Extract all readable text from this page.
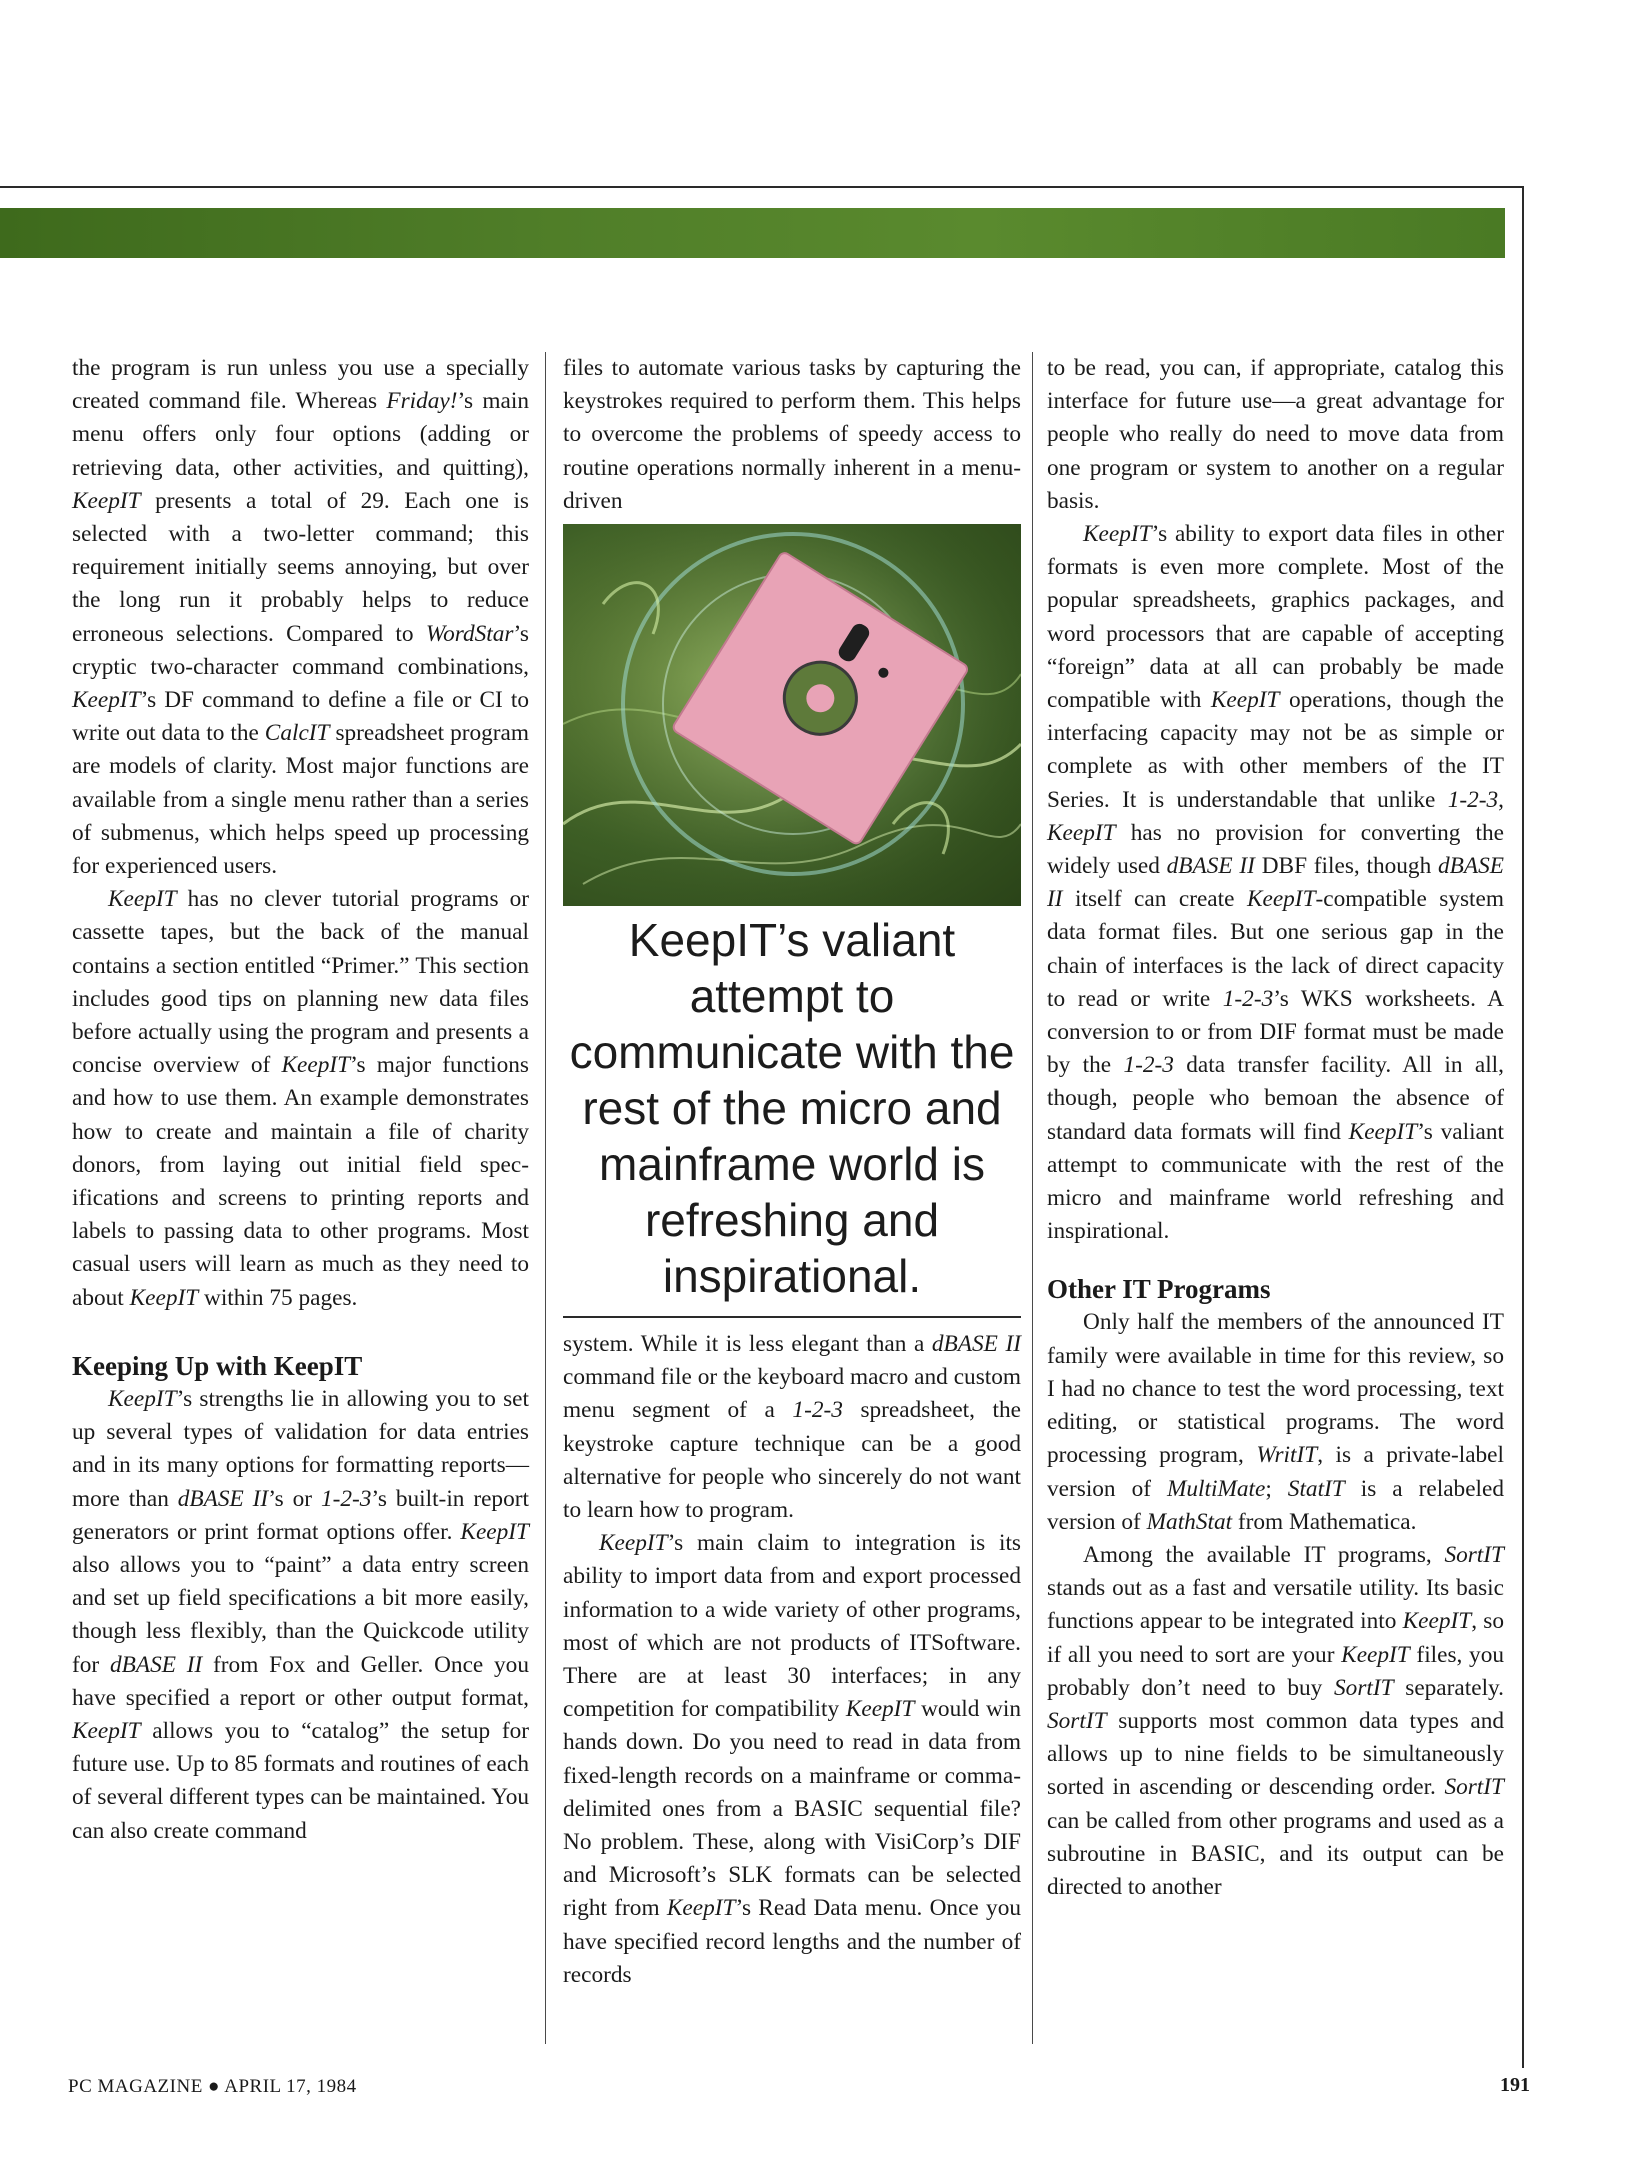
the program is run unless you use a specially created command file. Whereas Friday!’s main menu offers only four options (adding or retrieving data, other activities, and quitting), KeepIT presents a total of 29. Each one is selected with a two-letter command; this requirement initially seems annoying, but over the long run it probably helps to reduce erroneous selections. Compared to WordStar’s cryptic two-character command combinations, KeepIT’s DF command to define a file or CI to write out data to the CalcIT spreadsheet program are models of clarity. Most major functions are available from a single menu rather than a series of submenus, which helps speed up processing for experienced users.

KeepIT has no clever tutorial programs or cassette tapes, but the back of the manual contains a section entitled “Primer.” This section includes good tips on planning new data files before actually using the program and presents a concise overview of KeepIT’s major functions and how to use them. An example demonstrates how to create and maintain a file of charity donors, from laying out initial field specifications and screens to printing reports and labels to passing data to other programs. Most casual users will learn as much as they need to about KeepIT within 75 pages.

Keeping Up with KeepIT

KeepIT’s strengths lie in allowing you to set up several types of validation for data entries and in its many options for formatting reports—more than dBASE II’s or 1-2-3’s built-in report generators or print format options offer. KeepIT also allows you to “paint” a data entry screen and set up field specifications a bit more easily, though less flexibly, than the Quickcode utility for dBASE II from Fox and Geller. Once you have specified a report or other output format, KeepIT allows you to “catalog” the setup for future use. Up to 85 formats and routines of each of several different types can be maintained. You can also create command

files to automate various tasks by capturing the keystrokes required to perform them. This helps to overcome the problems of speedy access to routine operations normally inherent in a menu-driven

KeepIT’s valiant attempt to communicate with the rest of the micro and mainframe world is refreshing and inspirational.

system. While it is less elegant than a dBASE II command file or the keyboard macro and custom menu segment of a 1-2-3 spreadsheet, the keystroke capture technique can be a good alternative for people who sincerely do not want to learn how to program.

KeepIT’s main claim to integration is its ability to import data from and export processed information to a wide variety of other programs, most of which are not products of ITSoftware. There are at least 30 interfaces; in any competition for compatibility KeepIT would win hands down. Do you need to read in data from fixed-length records on a mainframe or comma-delimited ones from a BASIC sequential file? No problem. These, along with VisiCorp’s DIF and Microsoft’s SLK formats can be selected right from KeepIT’s Read Data menu. Once you have specified record lengths and the number of records

to be read, you can, if appropriate, catalog this interface for future use—a great advantage for people who really do need to move data from one program or system to another on a regular basis.

KeepIT’s ability to export data files in other formats is even more complete. Most of the popular spreadsheets, graphics packages, and word processors that are capable of accepting “foreign” data at all can probably be made compatible with KeepIT operations, though the interfacing capacity may not be as simple or complete as with other members of the IT Series. It is understandable that unlike 1-2-3, KeepIT has no provision for converting the widely used dBASE II DBF files, though dBASE II itself can create KeepIT-compatible system data format files. But one serious gap in the chain of interfaces is the lack of direct capacity to read or write 1-2-3’s WKS worksheets. A conversion to or from DIF format must be made by the 1-2-3 data transfer facility. All in all, though, people who bemoan the absence of standard data formats will find KeepIT’s valiant attempt to communicate with the rest of the micro and mainframe world refreshing and inspirational.

Other IT Programs

Only half the members of the announced IT family were available in time for this review, so I had no chance to test the word processing, text editing, or statistical programs. The word processing program, WritIT, is a private-label version of MultiMate; StatIT is a relabeled version of MathStat from Mathematica.

Among the available IT programs, SortIT stands out as a fast and versatile utility. Its basic functions appear to be integrated into KeepIT, so if all you need to sort are your KeepIT files, you probably don’t need to buy SortIT separately. SortIT supports most common data types and allows up to nine fields to be simultaneously sorted in ascending or descending order. SortIT can be called from other programs and used as a subroutine in BASIC, and its output can be directed to another

PC MAGAZINE ● APRIL 17, 1984	191
